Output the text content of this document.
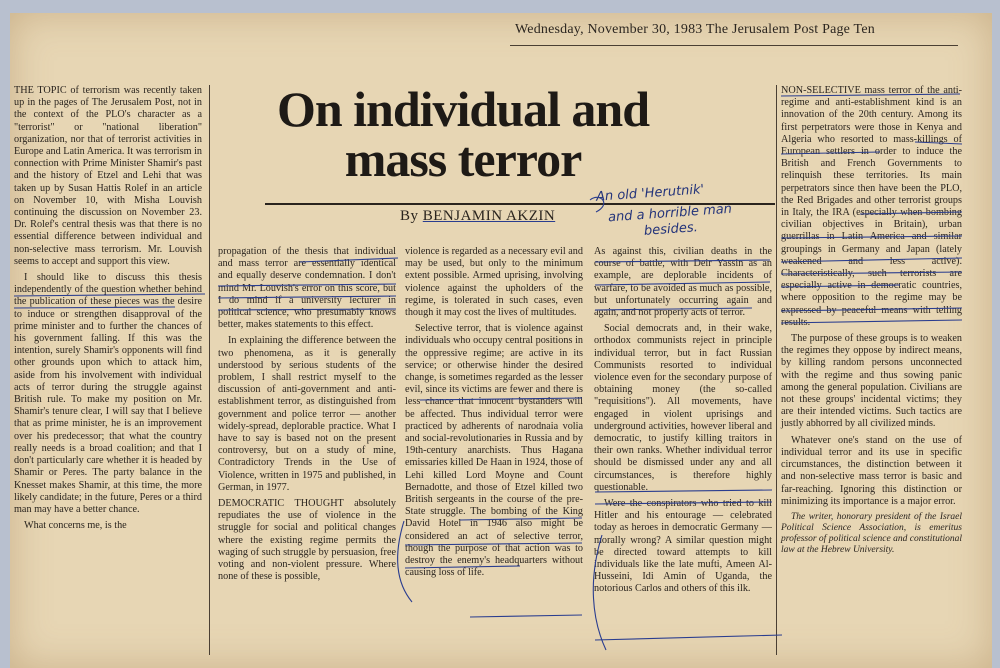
Wednesday, November 30, 1983 The Jerusalem Post Page Ten
On individual and
mass terror
By BENJAMIN AKZIN
An old 'Herutnik'
and a horrible man
besides.

THE TOPIC of terrorism was recently taken up in the pages of The Jerusalem Post, not in the context of the PLO's character as a "terrorist" or "national liberation" organization, nor that of terrorist activities in Europe and Latin America. It was terrorism in connection with Prime Minister Shamir's past and the history of Etzel and Lehi that was taken up by Susan Hattis Rolef in an article on November 10, with Misha Louvish continuing the discussion on November 23. Dr. Rolef's central thesis was that there is no essential difference between individual and non-selective mass terrorism. Mr. Louvish seems to accept and support this view.

I should like to discuss this thesis independently of the question whether behind the publication of these pieces was the desire to induce or strengthen disapproval of the prime minister and to further the chances of his government falling. If this was the intention, surely Shamir's opponents will find other grounds upon which to attack him, aside from his involvement with individual acts of terror during the struggle against British rule. To make my position on Mr. Shamir's tenure clear, I will say that I believe that as prime minister, he is an improvement over his predecessor; that what the country really needs is a broad coalition; and that I don't particularly care whether it is headed by Shamir or Peres. The party balance in the Knesset makes Shamir, at this time, the more likely candidate; in the future, Peres or a third man may have a better chance.

What concerns me, is the

propagation of the thesis that individual and mass terror are essentially identical and equally deserve condemnation. I don't mind Mr. Louvish's error on this score, but I do mind if a university lecturer in political science, who presumably knows better, makes statements to this effect.

In explaining the difference between the two phenomena, as it is generally understood by serious students of the problem, I shall restrict myself to the discussion of anti-government and anti-establishment terror, as distinguished from government and police terror — another widely-spread, deplorable practice. What I have to say is based not on the present controversy, but on a study of mine, Contradictory Trends in the Use of Violence, written in 1975 and published, in German, in 1977.

DEMOCRATIC THOUGHT absolutely repudiates the use of violence in the struggle for social and political changes where the existing regime permits the waging of such struggle by persuasion, free voting and non-violent pressure. Where none of these is possible,

violence is regarded as a necessary evil and may be used, but only to the minimum extent possible. Armed uprising, involving violence against the upholders of the regime, is tolerated in such cases, even though it may cost the lives of multitudes.

Selective terror, that is violence against individuals who occupy central positions in the oppressive regime; are active in its service; or otherwise hinder the desired change, is sometimes regarded as the lesser evil, since its victims are fewer and there is less chance that innocent bystanders will be affected. Thus individual terror were practiced by adherents of narodnaia volia and social-revolutionaries in Russia and by 19th-century anarchists. Thus Hagana emissaries killed De Haan in 1924, those of Lehi killed Lord Moyne and Count Bernadotte, and those of Etzel killed two British sergeants in the course of the pre-State struggle. The bombing of the King David Hotel in 1946 also might be considered an act of selective terror, though the purpose of that action was to destroy the enemy's headquarters without causing loss of life.

As against this, civilian deaths in the course of battle, with Deir Yassin as an example, are deplorable incidents of warfare, to be avoided as much as possible, but unfortunately occurring again and again, and not properly acts of terror.

Social democrats and, in their wake, orthodox communists reject in principle individual terror, but in fact Russian Communists resorted to individual violence even for the secondary purpose of obtaining money (the so-called "requisitions"). All movements, have engaged in violent uprisings and underground activities, however liberal and democratic, to justify killing traitors in their own ranks. Whether individual terror should be dismissed under any and all circumstances, is therefore highly questionable.

Were the conspirators who tried to kill Hitler and his entourage — celebrated today as heroes in democratic Germany — morally wrong? A similar question might be directed toward attempts to kill individuals like the late mufti, Ameen Al-Husseini, Idi Amin of Uganda, the notorious Carlos and others of this ilk.

NON-SELECTIVE mass terror of the anti-regime and anti-establishment kind is an innovation of the 20th century. Among its first perpetrators were those in Kenya and Algeria who resorted to mass-killings of European settlers in order to induce the British and French Governments to relinquish these territories. Its main perpetrators since then have been the PLO, the Red Brigades and other terrorist groups in Italy, the IRA (especially when bombing civilian objectives in Britain), urban guerrillas in Latin America and similar groupings in Germany and Japan (lately weakened and less active). Characteristically, such terrorists are especially active in democratic countries, where opposition to the regime may be expressed by peaceful means with telling results.

The purpose of these groups is to weaken the regimes they oppose by indirect means, by killing random persons unconnected with the regime and thus sowing panic among the general population. Civilians are not these groups' incidental victims; they are their intended victims. Such tactics are justly abhorred by all civilized minds.

Whatever one's stand on the use of individual terror and its use in specific circumstances, the distinction between it and non-selective mass terror is basic and far-reaching. Ignoring this distinction or minimizing its importance is a major error.

The writer, honorary president of the Israel Political Science Association, is emeritus professor of political science and constitutional law at the Hebrew University.
